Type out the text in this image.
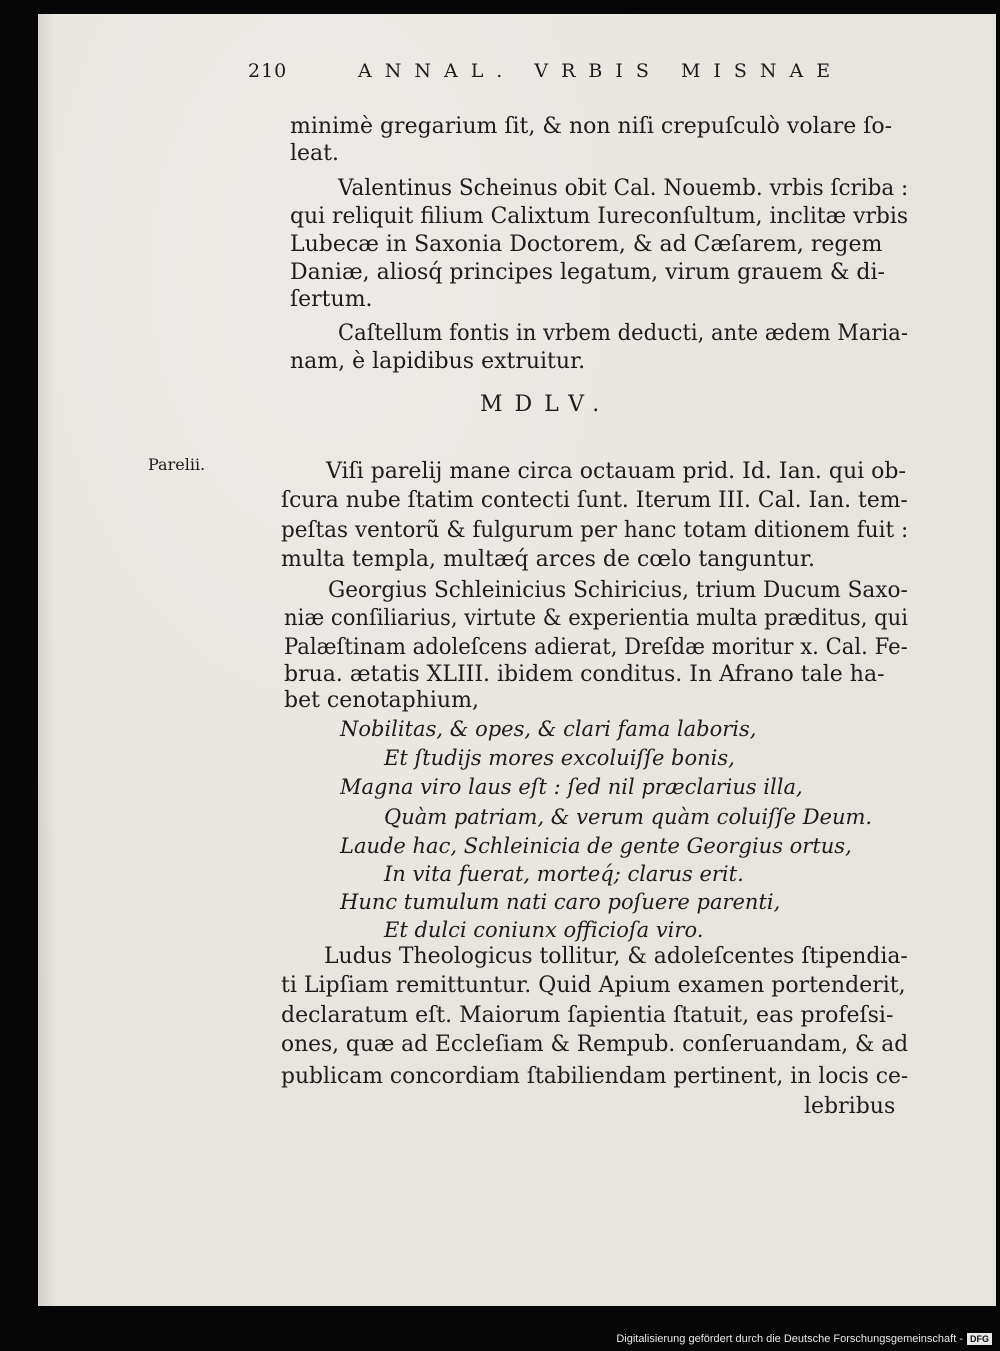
210	ANNAL. VRBIS MISNAE
minimè gregarium ſit, & non niſi crepuſculò volare ſo-
leat.
Valentinus Scheinus obit Cal. Nouemb. vrbis ſcriba :
qui reliquit filium Calixtum Iureconſultum, inclitæ vrbis
Lubecæ in Saxonia Doctorem, & ad Cæſarem, regem
Daniæ, aliosq́ principes legatum, virum grauem & di-
ſertum.
Caſtellum fontis in vrbem deducti, ante ædem Maria-
nam, è lapidibus extruitur.
MDLV.
Parelii.	Viſi parelij mane circa octauam prid. Id. Ian. qui ob-
ſcura nube ſtatim contecti ſunt. Iterum III. Cal. Ian. tem-
peſtas ventorũ & fulgurum per hanc totam ditionem fuit :
multa templa, multæq́ arces de cœlo tanguntur.
Georgius Schleinicius Schiricius, trium Ducum Saxo-
niæ conſiliarius, virtute & experientia multa præditus, qui
Palæſtinam adoleſcens adierat, Dreſdæ moritur x. Cal. Fe-
brua. ætatis XLIII. ibidem conditus. In Afrano tale ha-
bet cenotaphium,
Nobilitas, & opes, & clari fama laboris,
Et ſtudijs mores excoluiſſe bonis,
Magna viro laus eſt : ſed nil præclarius illa,
Quàm patriam, & verum quàm coluiſſe Deum.
Laude hac, Schleinicia de gente Georgius ortus,
In vita fuerat, morteq́; clarus erit.
Hunc tumulum nati caro poſuere parenti,
Et dulci coniunx officioſa viro.
Ludus Theologicus tollitur, & adoleſcentes ſtipendia-
ti Lipſiam remittuntur. Quid Apium examen portenderit,
declaratum eſt. Maiorum ſapientia ſtatuit, eas profeſsi-
ones, quæ ad Eccleſiam & Rempub. conſeruandam, & ad
publicam concordiam ſtabiliendam pertinent, in locis ce-
lebribus
Digitalisierung gefördert durch die Deutsche Forschungsgemeinschaft - DFG
